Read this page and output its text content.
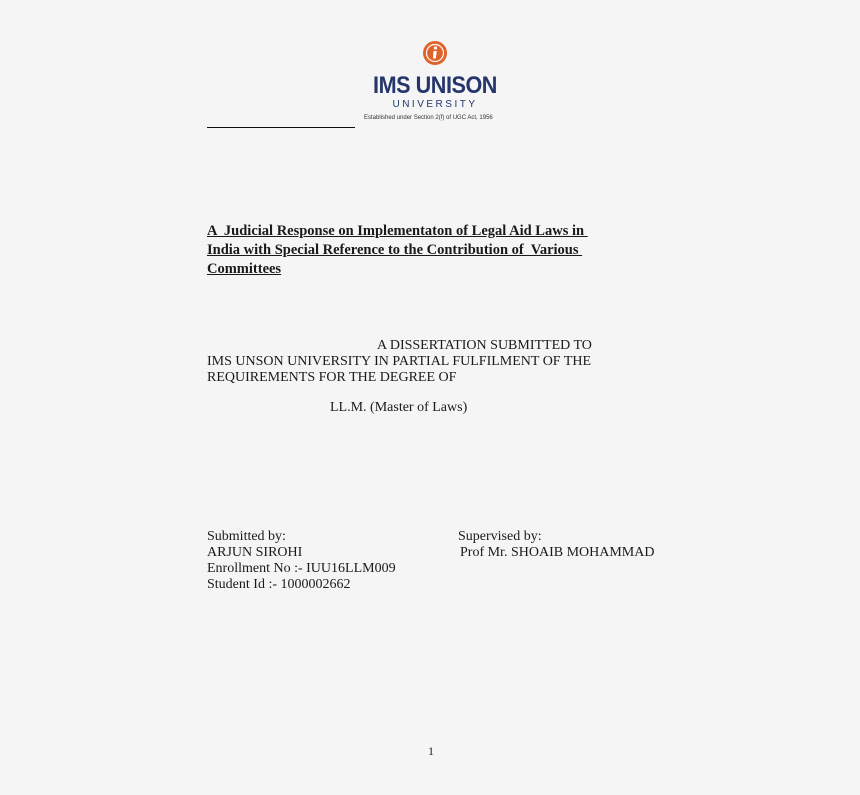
IMS UNISON
UNIVERSITY
Established under Section 2(f) of UGC Act, 1956
A  Judicial Response on Implementaton of Legal Aid Laws in
India with Special Reference to the Contribution of  Various
Committees
A DISSERTATION SUBMITTED TO
IMS UNSON UNIVERSITY IN PARTIAL FULFILMENT OF THE
REQUIREMENTS FOR THE DEGREE OF
LL.M. (Master of Laws)
Submitted by:
ARJUN SIROHI
Enrollment No :- IUU16LLM009
Student Id :- 1000002662
Supervised by:
Prof Mr. SHOAIB MOHAMMAD
1
